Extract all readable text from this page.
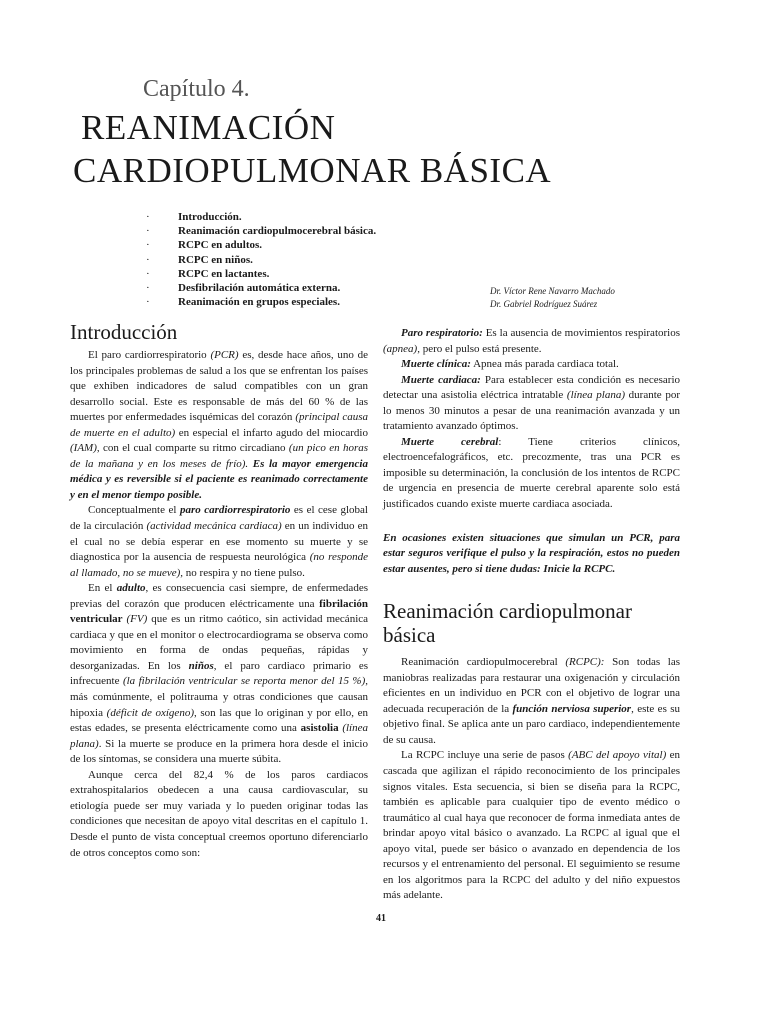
Capítulo 4.
REANIMACIÓN
CARDIOPULMONAR BÁSICA
· Introducción.
· Reanimación cardiopulmocerebral básica.
· RCPC en adultos.
· RCPC en niños.
· RCPC en lactantes.
· Desfibrilación automática externa.
· Reanimación en grupos especiales.
Dr. Víctor Rene Navarro Machado
Dr. Gabriel Rodríguez Suárez
Introducción

El paro cardiorrespiratorio (PCR) es, desde hace años, uno de los principales problemas de salud a los que se enfrentan los países que exhiben indicadores de salud compatibles con un gran desarrollo social. Este es responsable de más del 60 % de las muertes por enfermedades isquémicas del corazón (principal causa de muerte en el adulto) en especial el infarto agudo del miocardio (IAM), con el cual comparte su ritmo circadiano (un pico en horas de la mañana y en los meses de frío). Es la mayor emergencia médica y es reversible si el paciente es reanimado correctamente y en el menor tiempo posible.

Conceptualmente el paro cardiorrespiratorio es el cese global de la circulación (actividad mecánica cardiaca) en un individuo en el cual no se debía esperar en ese momento su muerte y se diagnostica por la ausencia de respuesta neurológica (no responde al llamado, no se mueve), no respira y no tiene pulso.

En el adulto, es consecuencia casi siempre, de enfermedades previas del corazón que producen eléctricamente una fibrilación ventricular (FV) que es un ritmo caótico, sin actividad mecánica cardiaca y que en el monitor o electrocardiograma se observa como movimiento en forma de ondas pequeñas, rápidas y desorganizadas. En los niños, el paro cardiaco primario es infrecuente (la fibrilación ventricular se reporta menor del 15 %), más comúnmente, el politrauma y otras condiciones que causan hipoxia (déficit de oxígeno), son las que lo originan y por ello, en estas edades, se presenta eléctricamente como una asistolia (línea plana). Si la muerte se produce en la primera hora desde el inicio de los síntomas, se considera una muerte súbita.

Aunque cerca del 82,4 % de los paros cardiacos extrahospitalarios obedecen a una causa cardiovascular, su etiología puede ser muy variada y lo pueden originar todas las condiciones que necesitan de apoyo vital descritas en el capítulo 1. Desde el punto de vista conceptual creemos oportuno diferenciarlo de otros conceptos como son:

Paro respiratorio: Es la ausencia de movimientos respiratorios (apnea), pero el pulso está presente.

Muerte clínica: Apnea más parada cardiaca total.

Muerte cardiaca: Para establecer esta condición es necesario detectar una asistolia eléctrica intratable (línea plana) durante por lo menos 30 minutos a pesar de una reanimación avanzada y un tratamiento avanzado óptimos.

Muerte cerebral: Tiene criterios clínicos, electroencefalográficos, etc. precozmente, tras una PCR es imposible su determinación, la conclusión de los intentos de RCPC de urgencia en presencia de muerte cerebral aparente solo está justificados cuando existe muerte cardiaca asociada.

En ocasiones existen situaciones que simulan un PCR, para estar seguros verifique el pulso y la respiración, estos no pueden estar ausentes, pero si tiene dudas: Inicie la RCPC.

Reanimación cardiopulmonar básica

Reanimación cardiopulmocerebral (RCPC): Son todas las maniobras realizadas para restaurar una oxigenación y circulación eficientes en un individuo en PCR con el objetivo de lograr una adecuada recuperación de la función nerviosa superior, este es su objetivo final. Se aplica ante un paro cardiaco, independientemente de su causa.

La RCPC incluye una serie de pasos (ABC del apoyo vital) en cascada que agilizan el rápido reconocimiento de los principales signos vitales. Esta secuencia, si bien se diseña para la RCPC, también es aplicable para cualquier tipo de evento médico o traumático al cual haya que reconocer de forma inmediata antes de brindar apoyo vital básico o avanzado. La RCPC al igual que el apoyo vital, puede ser básico o avanzado en dependencia de los recursos y el entrenamiento del personal. El seguimiento se resume en los algoritmos para la RCPC del adulto y del niño expuestos más adelante.

41
